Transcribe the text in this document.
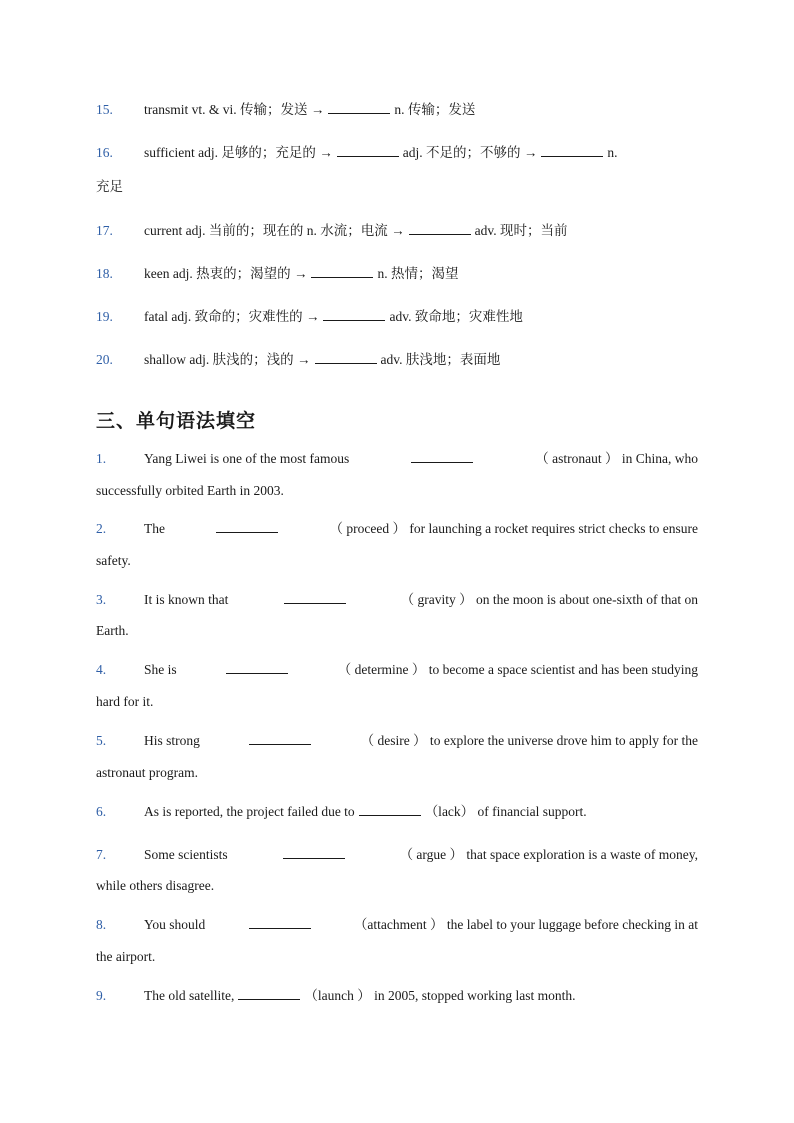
15. transmit vt. & vi. 传输；发送 →	n. 传输；发送
16. sufficient adj. 足够的；充足的 →	adj. 不足的；不够的 →	n.
充足
17. current adj. 当前的；现在的 n. 水流；电流 →	adv. 现时；当前
18. keen adj. 热衷的；渴望的 →	n. 热情；渴望
19. fatal adj. 致命的；灾难性的 →	adv. 致命地；灾难性地
20. shallow adj. 肤浅的；浅的 →	adv. 肤浅地；表面地
三、单句语法填空
1.	Yang Liwei is one of the most famous	（ astronaut ） in China, who
successfully orbited Earth in 2003.
2.	The	（ proceed ） for launching a rocket requires strict checks to ensure
safety.
3.	It is known that	（ gravity ） on the moon is about one-sixth of that on
Earth.
4.	She is	（ determine ） to become a space scientist and has been studying
hard for it.
5.	His strong	（ desire ） to explore the universe drove him to apply for the
astronaut program.
6.	As is reported, the project failed due to	（lack） of financial support.
7.	Some scientists	（ argue ） that space exploration is a waste of money,
while others disagree.
8.	You should	（attachment ） the label to your luggage before checking in at
the airport.
9.	The old satellite,	（launch ） in 2005, stopped working last month.
